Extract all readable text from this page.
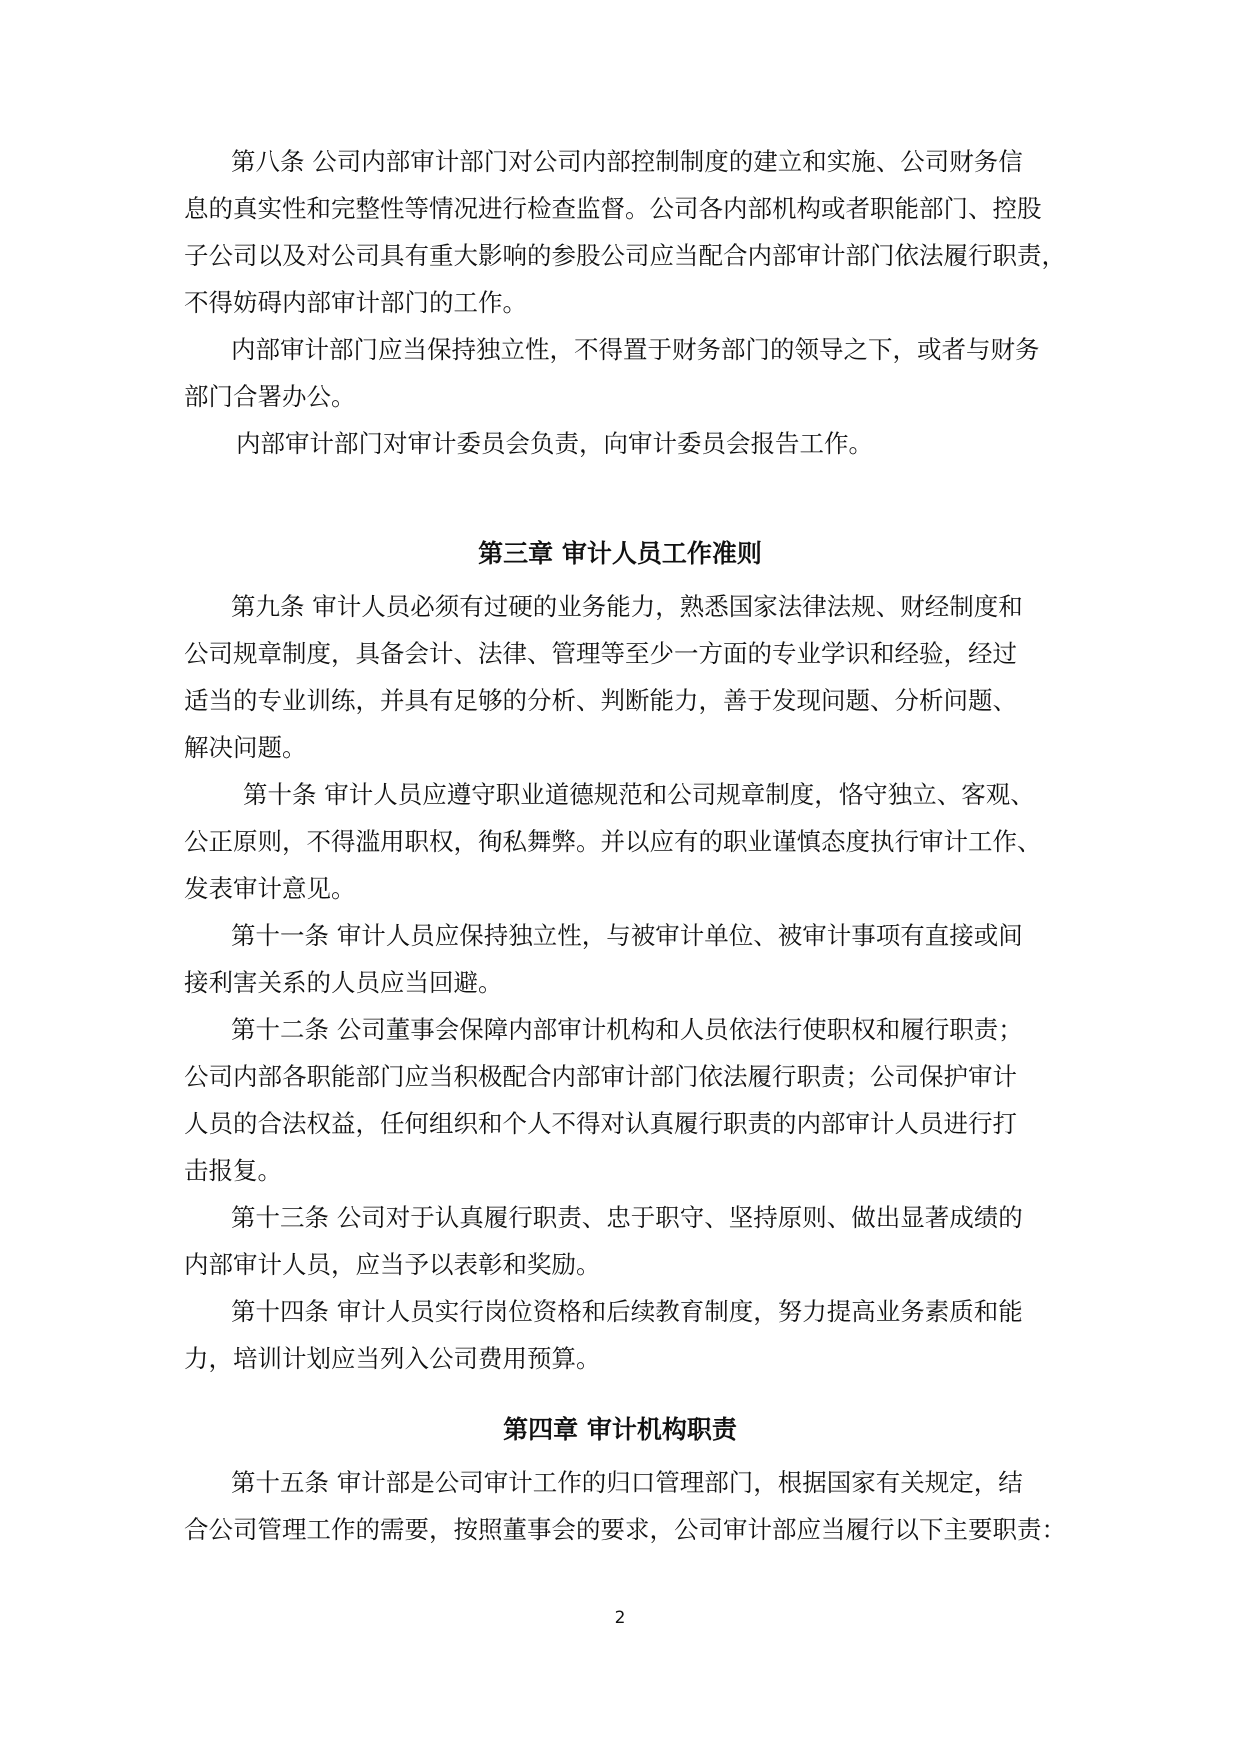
第八条 公司内部审计部门对公司内部控制制度的建立和实施、公司财务信
息的真实性和完整性等情况进行检查监督。公司各内部机构或者职能部门、控股
子公司以及对公司具有重大影响的参股公司应当配合内部审计部门依法履行职责，
不得妨碍内部审计部门的工作。
内部审计部门应当保持独立性，不得置于财务部门的领导之下，或者与财务
部门合署办公。
内部审计部门对审计委员会负责，向审计委员会报告工作。
第三章 审计人员工作准则
第九条 审计人员必须有过硬的业务能力，熟悉国家法律法规、财经制度和
公司规章制度，具备会计、法律、管理等至少一方面的专业学识和经验，经过
适当的专业训练，并具有足够的分析、判断能力，善于发现问题、分析问题、
解决问题。
第十条 审计人员应遵守职业道德规范和公司规章制度，恪守独立、客观、
公正原则，不得滥用职权，徇私舞弊。并以应有的职业谨慎态度执行审计工作、
发表审计意见。
第十一条 审计人员应保持独立性，与被审计单位、被审计事项有直接或间
接利害关系的人员应当回避。
第十二条 公司董事会保障内部审计机构和人员依法行使职权和履行职责；
公司内部各职能部门应当积极配合内部审计部门依法履行职责；公司保护审计
人员的合法权益，任何组织和个人不得对认真履行职责的内部审计人员进行打
击报复。
第十三条 公司对于认真履行职责、忠于职守、坚持原则、做出显著成绩的
内部审计人员，应当予以表彰和奖励。
第十四条 审计人员实行岗位资格和后续教育制度，努力提高业务素质和能
力，培训计划应当列入公司费用预算。
第四章 审计机构职责
第十五条 审计部是公司审计工作的归口管理部门，根据国家有关规定，结
合公司管理工作的需要，按照董事会的要求，公司审计部应当履行以下主要职责：
2
